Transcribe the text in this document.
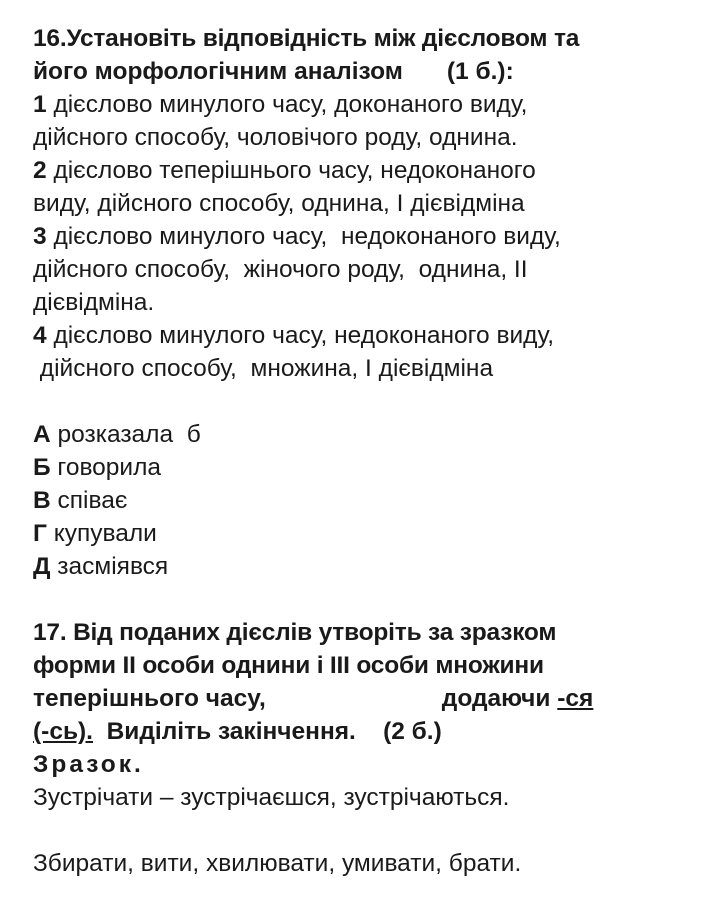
16.Установіть відповідність між дієсловом та
його морфологічним аналізом (1 б.):
1 дієслово минулого часу, доконаного виду,
дійсного способу, чоловічого роду, однина.
2 дієслово теперішнього часу, недоконаного
виду, дійсного способу, однина, І дієвідміна
3 дієслово минулого часу,  недоконаного виду,
дійсного способу,  жіночого роду,  однина, ІІ
дієвідміна.
4 дієслово минулого часу, недоконаного виду,
дійсного способу,  множина, І дієвідміна
А розказала  б
Б говорила
В співає
Г купували
Д засміявся
17. Від поданих дієслів утворіть за зразком
форми ІІ особи однини і ІІІ особи множини
теперішнього часу,	додаючи -ся
(-сь).  Виділіть закінчення.    (2 б.)
Зразок.
Зустрічати – зустрічаєшся, зустрічаються.
Збирати, вити, хвилювати, умивати, брати.
